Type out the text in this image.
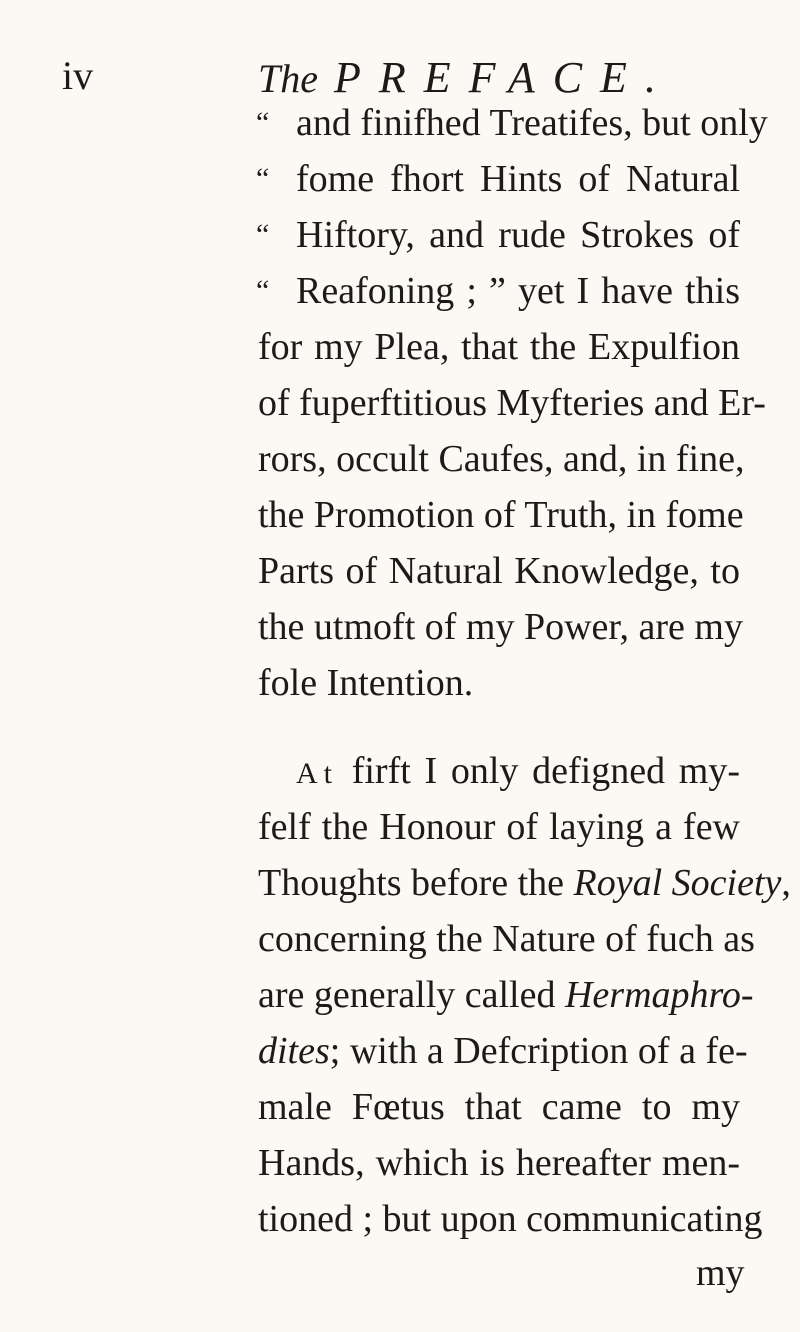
iv	The PREFACE.
“ and finifhed Treatifes, but only
“ fome fhort Hints of Natural
“ Hiftory, and rude Strokes of
“ Reafoning ; ” yet I have this
for my Plea, that the Expulfion
of fuperftitious Myfteries and Er-
rors, occult Caufes, and, in fine,
the Promotion of Truth, in fome
Parts of Natural Knowledge, to
the utmoft of my Power, are my
fole Intention.
At firft I only defigned my-
felf the Honour of laying a few
Thoughts before the Royal Society,
concerning the Nature of fuch as
are generally called Hermaphro-
dites; with a Defcription of a fe-
male Fœtus that came to my
Hands, which is hereafter men-
tioned ; but upon communicating
my
